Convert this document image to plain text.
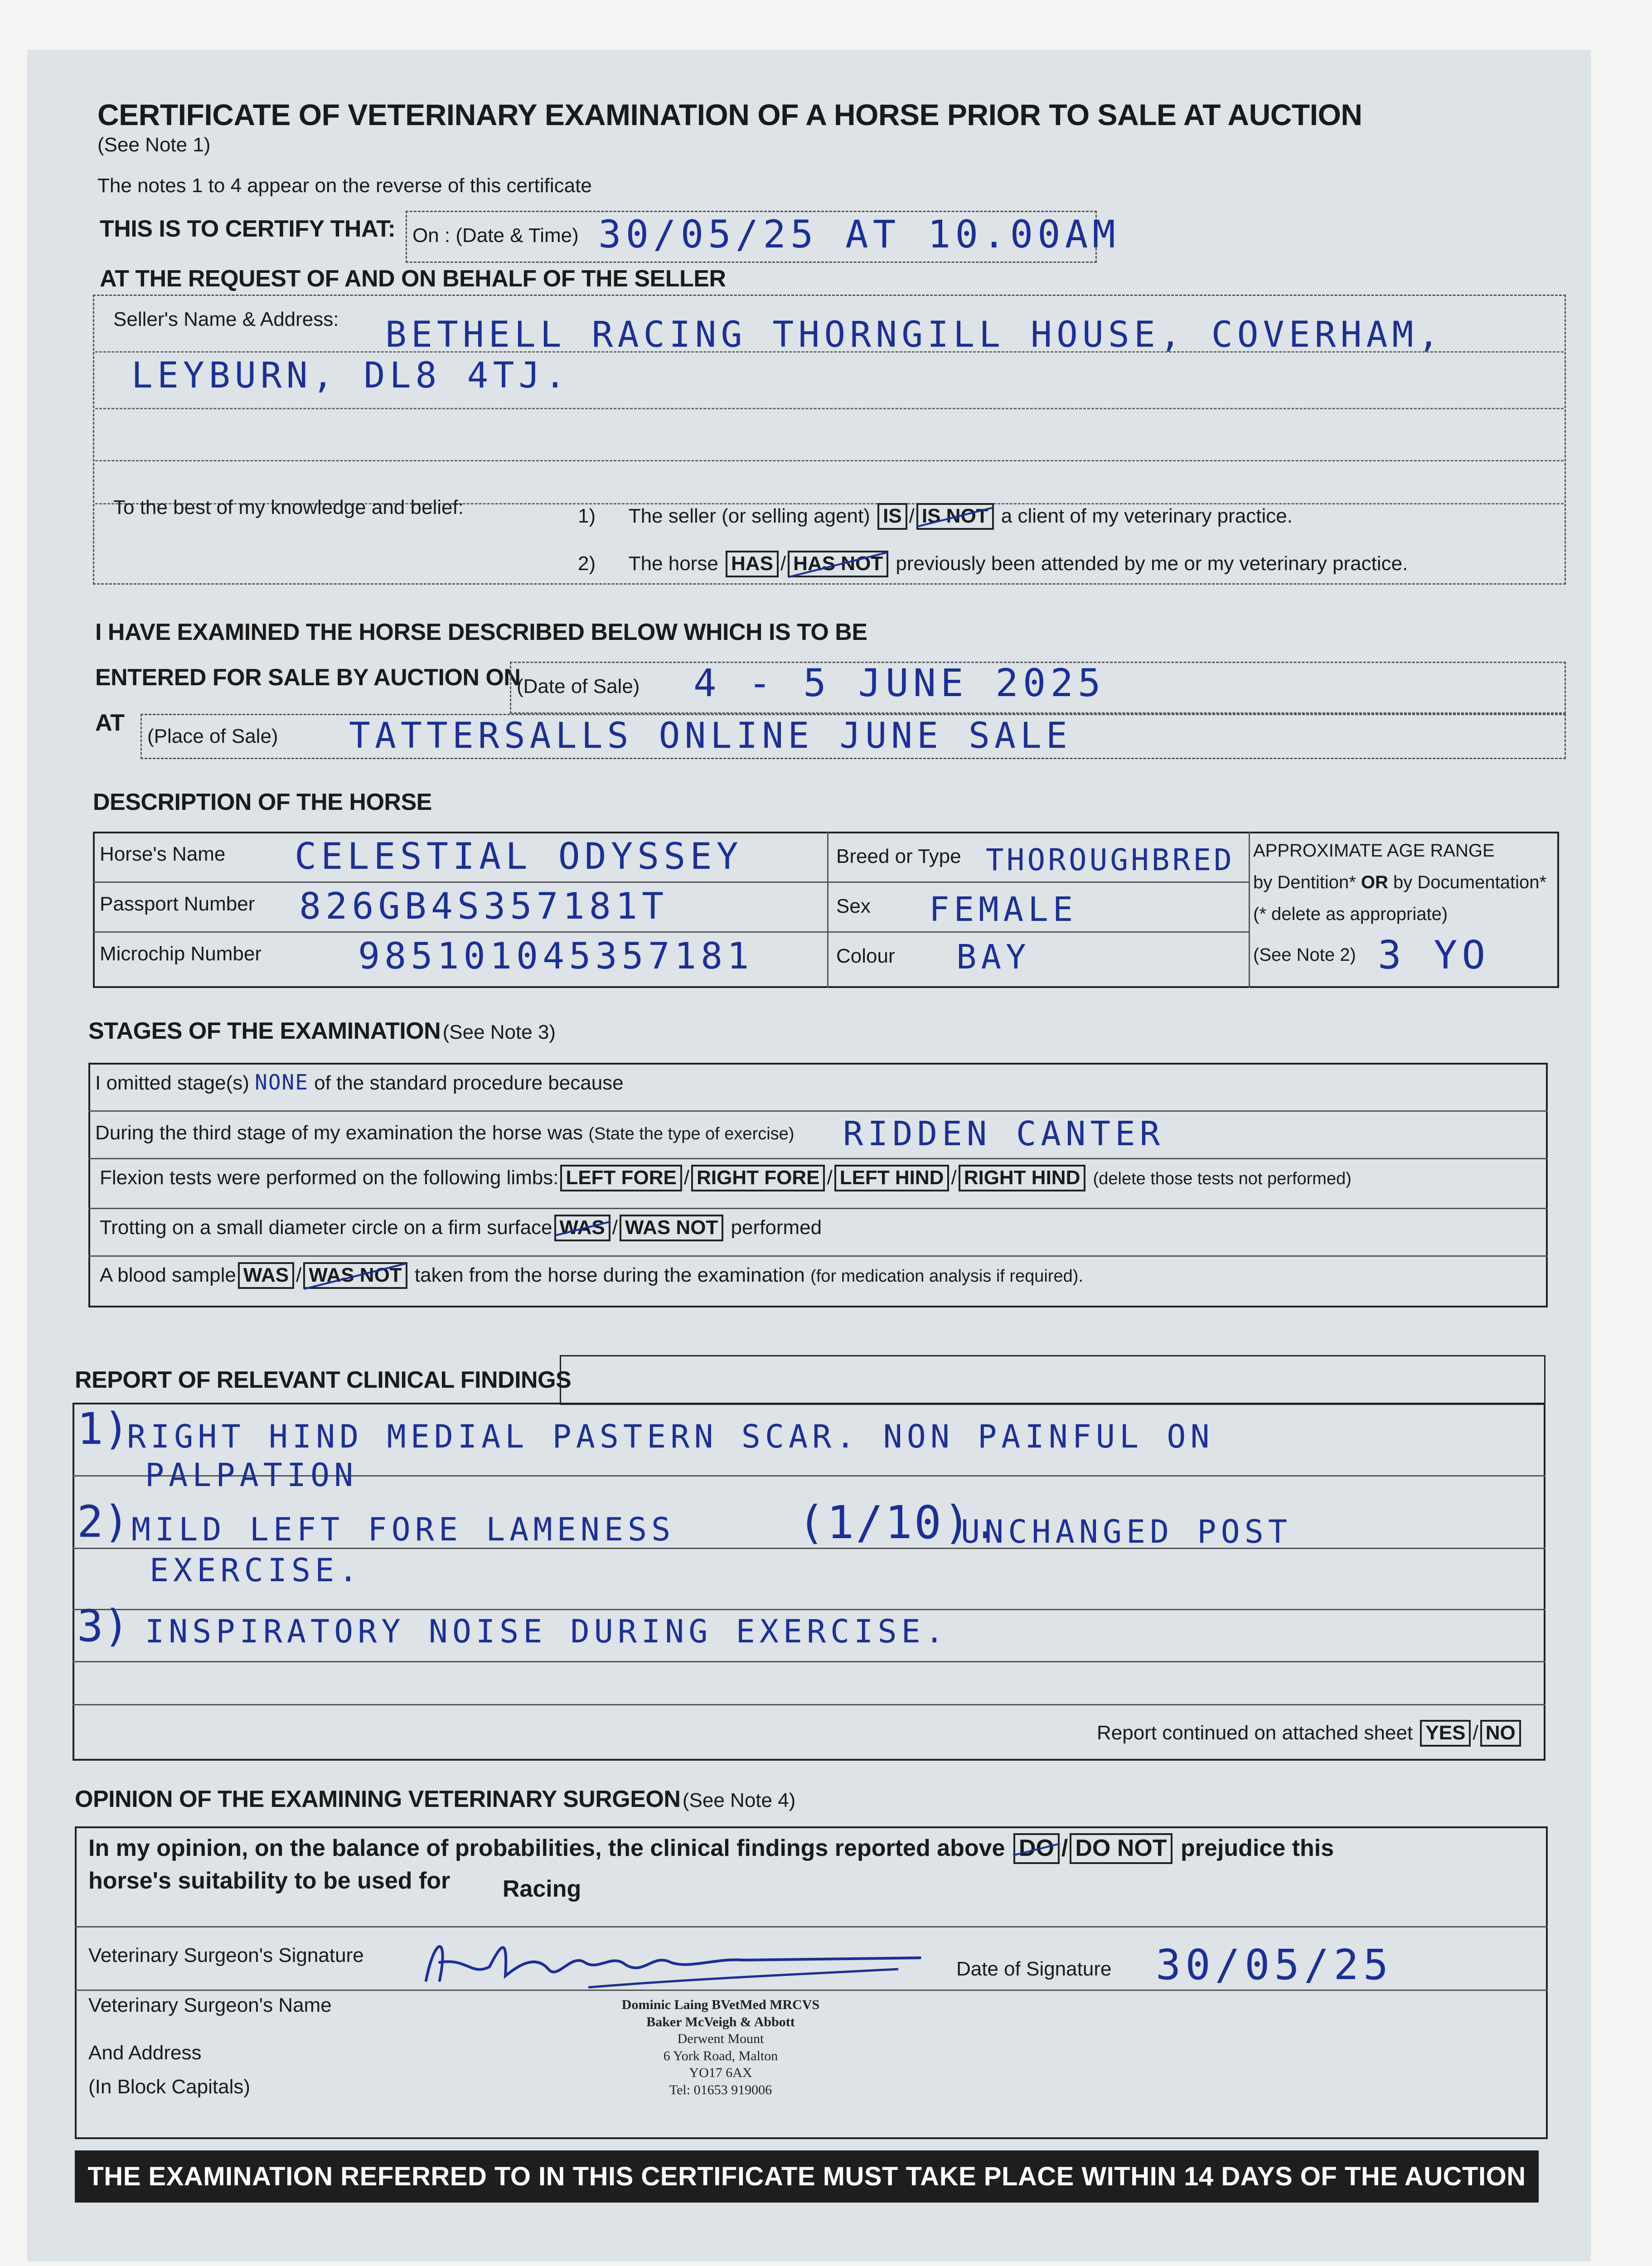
CERTIFICATE OF VETERINARY EXAMINATION OF A HORSE PRIOR TO SALE AT AUCTION
(See Note 1)
The notes 1 to 4 appear on the reverse of this certificate
THIS IS TO CERTIFY THAT: On : (Date & Time) 30/05/25 AT 10.00AM
AT THE REQUEST OF AND ON BEHALF OF THE SELLER
Seller's Name & Address: BETHELL RACING THORNGILL HOUSE, COVERHAM,
LEYBURN, DL8 4TJ.
To the best of my knowledge and belief:	1) The seller (or selling agent) IS / IS NOT a client of my veterinary practice.
2) The horse HAS / HAS NOT previously been attended by me or my veterinary practice.
I HAVE EXAMINED THE HORSE DESCRIBED BELOW WHICH IS TO BE
ENTERED FOR SALE BY AUCTION ON
(Date of Sale) 4 - 5 JUNE 2025
AT
(Place of Sale) TATTERSALLS ONLINE JUNE SALE
DESCRIPTION OF THE HORSE
Horse's Name CELESTIAL ODYSSEY
Passport Number 826GB4S357181T
Microchip Number	985101045357181
Breed or Type THOROUGHBRED
Sex FEMALE
Colour BAY
APPROXIMATE AGE RANGE
by Dentition* OR by Documentation*
(* delete as appropriate)
(See Note 2) 3 YO
STAGES OF THE EXAMINATION (See Note 3)
I omitted stage(s) NONE of the standard procedure because
During the third stage of my examination the horse was (State the type of exercise) RIDDEN CANTER
Flexion tests were performed on the following limbs: LEFT FORE / RIGHT FORE / LEFT HIND / RIGHT HIND (delete those tests not performed)
Trotting on a small diameter circle on a firm surface WAS / WAS NOT performed
A blood sample WAS / WAS NOT taken from the horse during the examination (for medication analysis if required).
REPORT OF RELEVANT CLINICAL FINDINGS
1)
RIGHT HIND MEDIAL PASTERN SCAR. NON PAINFUL ON
PALPATION
2) MILD LEFT FORE LAMENESS	(1/10).
UNCHANGED POST
EXERCISE.
3) INSPIRATORY NOISE DURING EXERCISE.
Report continued on attached sheet YES / NO
OPINION OF THE EXAMINING VETERINARY SURGEON (See Note 4)
In my opinion, on the balance of probabilities, the clinical findings reported above DO / DO NOT prejudice this
horse's suitability to be used for Racing
Veterinary Surgeon's Signature
Date of Signature 30/05/25
Veterinary Surgeon's Name
And Address
(In Block Capitals)
Dominic Laing BVetMed MRCVS
Baker McVeigh & Abbott
Derwent Mount
6 York Road, Malton
YO17 6AX
Tel: 01653 919006
THE EXAMINATION REFERRED TO IN THIS CERTIFICATE MUST TAKE PLACE WITHIN 14 DAYS OF THE AUCTION
